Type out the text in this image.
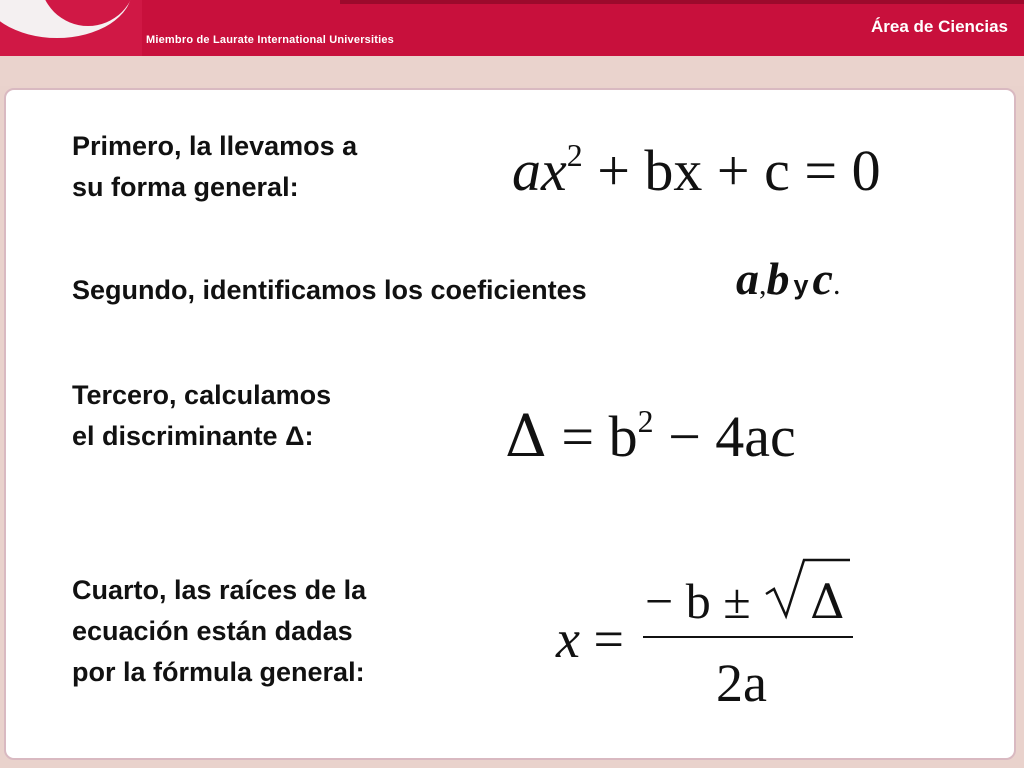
Miembro de Laurate International Universities
Área de Ciencias
Primero, la llevamos a
su forma general:	$ax^2$ + bx + c = 0
Segundo, identificamos los coeficientes	a,b y c.
Tercero, calculamos
el discriminante Δ:	$\Delta = b^2 - 4ac$
Cuarto, las raíces de la
ecuación están dadas
por la fórmula general:
x =
− b ± Δ
2a
